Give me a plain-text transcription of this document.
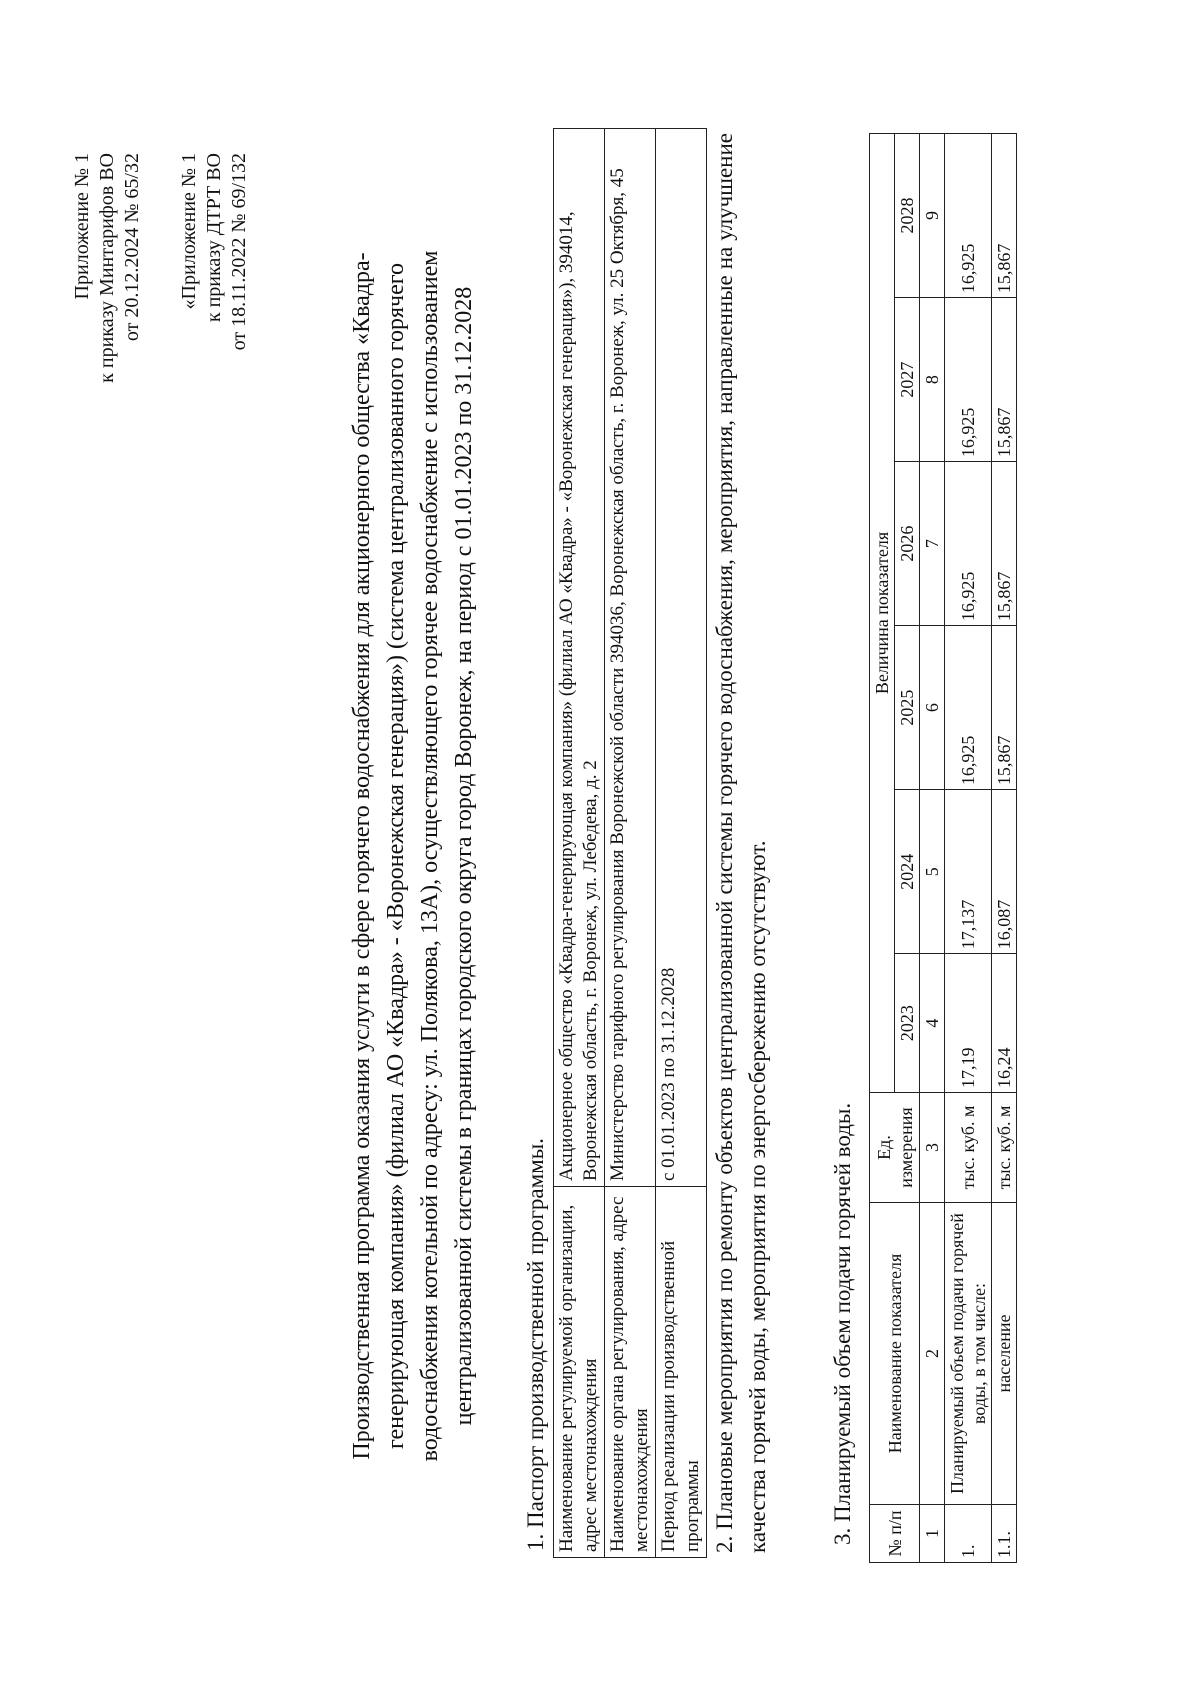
Приложение № 1 к приказу Минтарифов ВО от 20.12.2024 № 65/32 «Приложение № 1 к приказу ДТРТ ВО от 18.11.2022 № 69/132
Производственная программа оказания услуги в сфере горячего водоснабжения для акционерного общества «Квадра- генерирующая компания» (филиал АО «Квадра» - «Воронежская генерация») (система централизованного горячего водоснабжения котельной по адресу: ул. Полякова, 13А), осуществляющего горячее водоснабжение с использованием централизованной системы в границах городского округа город Воронеж, на период с 01.01.2023 по 31.12.2028 1. Паспорт производственной программы. Наименование регулируемой организации, адрес местонахождения	Акционерное общество «Квадра-генерирующая компания» (филиал АО «Квадра» - «Воронежская генерация»), 394014, Воронежская область, г. Воронеж, ул. Лебедева, д. 2
Наименование органа регулирования, адрес местонахождения	Министерство тарифного регулирования Воронежской области 394036, Воронежская область, г. Воронеж, ул. 25 Октября, 45
Период реализации производственной программы	с 01.01.2023 по 31.12.2028 2. Плановые мероприятия по ремонту объектов централизованной системы горячего водоснабжения, мероприятия, направленные на улучшение качества горячей воды, мероприятия по энергосбережению отсутствуют.	3. Планируемый объем подачи горячей воды. № п/п	Наименование показателя	Ед. измерения	Величина показателя					
			2023	2024	2025	2026	2027	2028
1	2	3	4	5	6	7	8	9
1.	Планируемый объем подачи горячей воды, в том числе:	тыс. куб. м	17,19	17,137	16,925	16,925	16,925	16,925
1.1.	население	тыс. куб. м	16,24	16,087	15,867	15,867	15,867	15,867
